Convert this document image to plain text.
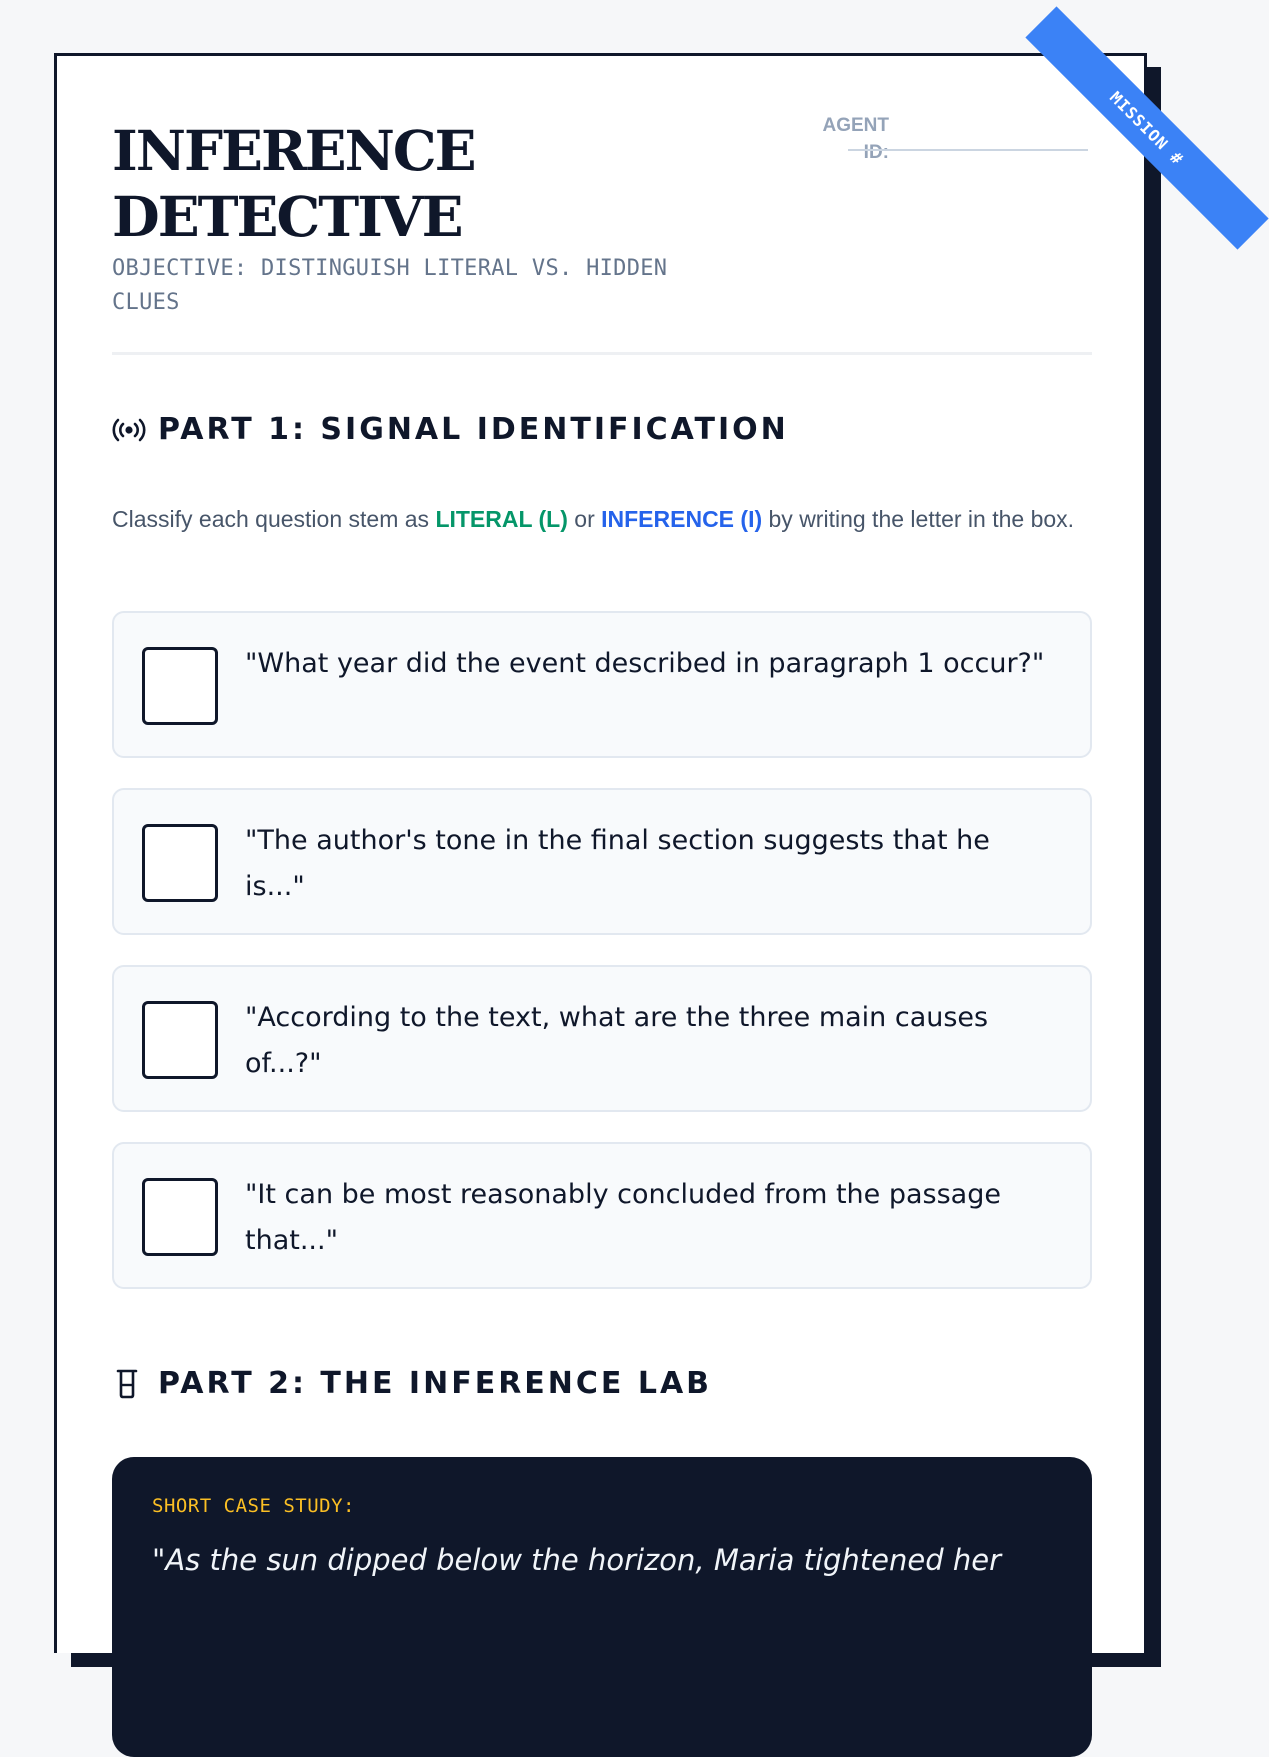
MISSION #
INFERENCE
DETECTIVE
OBJECTIVE: DISTINGUISH LITERAL VS. HIDDEN CLUES
AGENT ID:
PART 1: SIGNAL IDENTIFICATION
Classify each question stem as LITERAL (L) or INFERENCE (I) by writing the letter in the box.
"What year did the event described in paragraph 1 occur?"
"The author's tone in the final section suggests that he is..."
"According to the text, what are the three main causes of...?"
"It can be most reasonably concluded from the passage that..."
PART 2: THE INFERENCE LAB
SHORT CASE STUDY:
"As the sun dipped below the horizon, Maria tightened her
